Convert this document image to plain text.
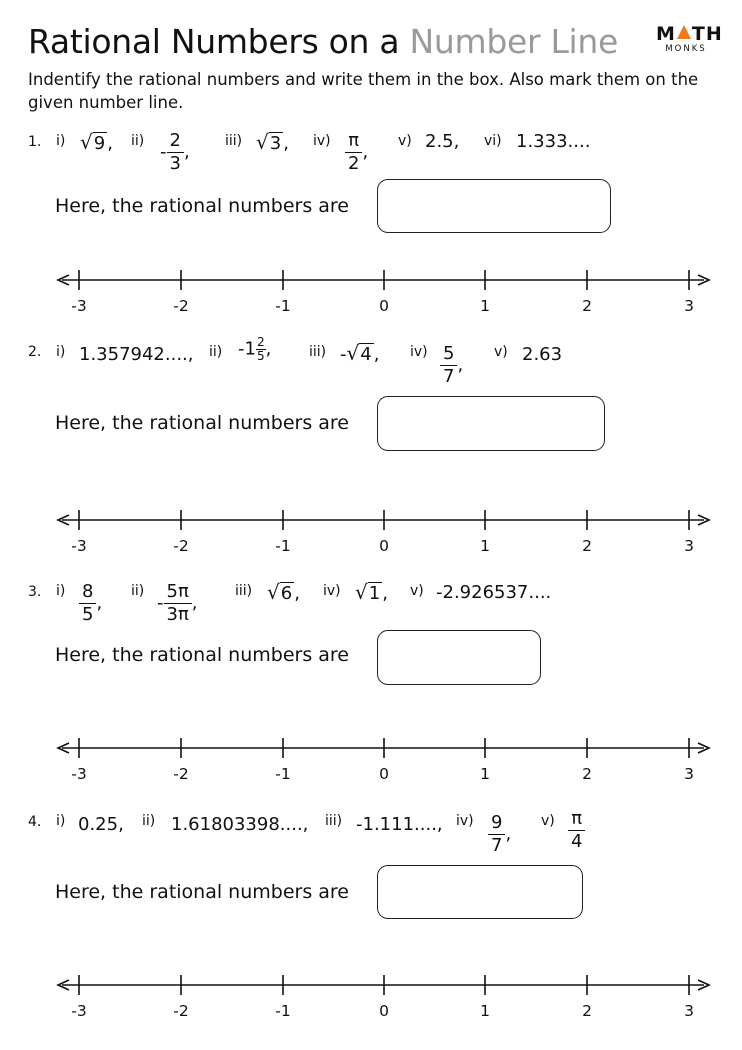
Rational Numbers on a Number Line M TH
MONKS
Indentify the rational numbers and write them in the box. Also mark them on the given number line.
1. i) √9 , ii)
- $\frac{2}{3}$ ,
iii) √3 , $iv) \frac{\pi}{2}$ ,
v) 2.5, vi) 1.333....
Here, the rational numbers are
2. i) 1.357942...., ii) $-1 \frac{2}{5}$ ,	iii) -√4 , $iv) \frac{5}{7}$ ,
v) 2.63
Here, the rational numbers are
3. $i) \frac{8}{5}$ ,
ii)
- $\frac{5\pi}{3\pi}$ ,
iii) √6 , iv) √1 , v) -2.926537....
Here, the rational numbers are
4. i) 0.25, ii) 1.61803398...., iii) -1.111...., $iv) \frac{9}{7}$ ,
$v) \frac{\pi}{4}$
Here, the rational numbers are
-3	-2	-1	0	1	2	3
-3	-2	-1	0	1	2	3
-3	-2	-1	0	1	2	3
-3	-2	-1	0	1	2	3
